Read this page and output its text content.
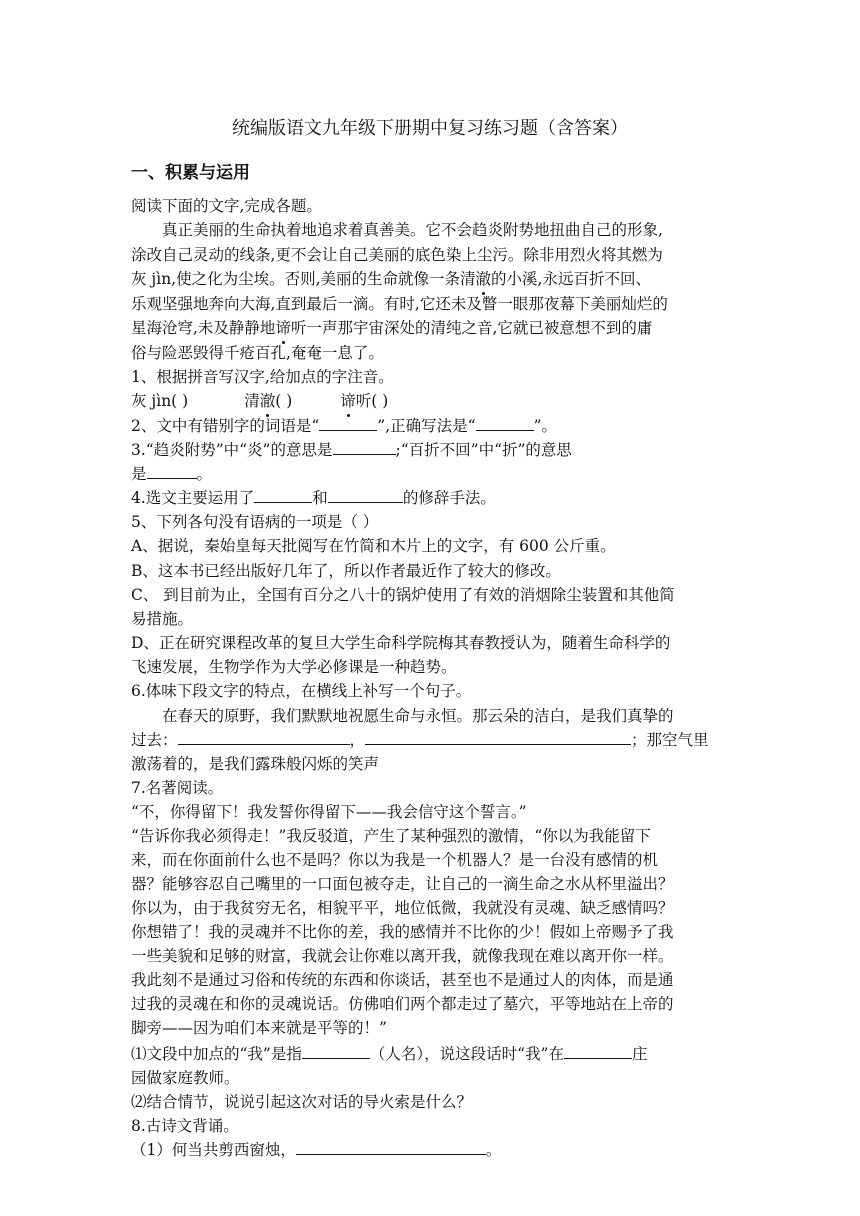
统编版语文九年级下册期中复习练习题（含答案）
一、积累与运用
阅读下面的文字,完成各题。
真正美丽的生命执着地追求着真善美。它不会趋炎附势地扭曲自己的形象,
涂改自己灵动的线条,更不会让自己美丽的底色染上尘污。除非用烈火将其燃为
灰 jìn,使之化为尘埃。否则,美丽的生命就像一条清澈的小溪,永远百折不回、
乐观坚强地奔向大海,直到最后一滴。有时,它还未及瞥一眼那夜幕下美丽灿烂的
星海沧穹,未及静静地谛听一声那宇宙深处的清纯之音,它就已被意想不到的庸
俗与险恶毁得千疮百孔,奄奄一息了。
1、根据拼音写汉字,给加点的字注音。
灰 jìn( )	清澈( )	谛听( )
2、文中有错别字的词语是“	”,正确写法是“	”。
3.“趋炎附势”中“炎”的意思是	;“百折不回”中“折”的意思
是	。
4.选文主要运用了	和	的修辞手法。
5、下列各句没有语病的一项是（ ）
A、据说，秦始皇每天批阅写在竹简和木片上的文字，有 600 公斤重。
B、这本书已经出版好几年了，所以作者最近作了较大的修改。
C、 到目前为止，全国有百分之八十的锅炉使用了有效的消烟除尘装置和其他简
易措施。
D、正在研究课程改革的复旦大学生命科学院梅其春教授认为，随着生命科学的
飞速发展，生物学作为大学必修课是一种趋势。
6.体味下段文字的特点，在横线上补写一个句子。
在春天的原野，我们默默地祝愿生命与永恒。那云朵的洁白，是我们真挚的
过去：	，	；那空气里
激荡着的，是我们露珠般闪烁的笑声
7.名著阅读。
“不，你得留下！我发誓你得留下——我会信守这个誓言。”
“告诉你我必须得走！”我反驳道，产生了某种强烈的激情，“你以为我能留下
来，而在你面前什么也不是吗？你以为我是一个机器人？是一台没有感情的机
器？能够容忍自己嘴里的一口面包被夺走，让自己的一滴生命之水从杯里溢出？
你以为，由于我贫穷无名，相貌平平，地位低微，我就没有灵魂、缺乏感情吗？
你想错了！我的灵魂并不比你的差，我的感情并不比你的少！假如上帝赐予了我
一些美貌和足够的财富，我就会让你难以离开我，就像我现在难以离开你一样。
我此刻不是通过习俗和传统的东西和你谈话，甚至也不是通过人的肉体，而是通
过我的灵魂在和你的灵魂说话。仿佛咱们两个都走过了墓穴，平等地站在上帝的
脚旁——因为咱们本来就是平等的！”
⑴文段中加点的“我”是指	（人名），说这段话时“我”在	庄
园做家庭教师。
⑵结合情节，说说引起这次对话的导火索是什么？
8.古诗文背诵。
（1）何当共剪西窗烛，	。
